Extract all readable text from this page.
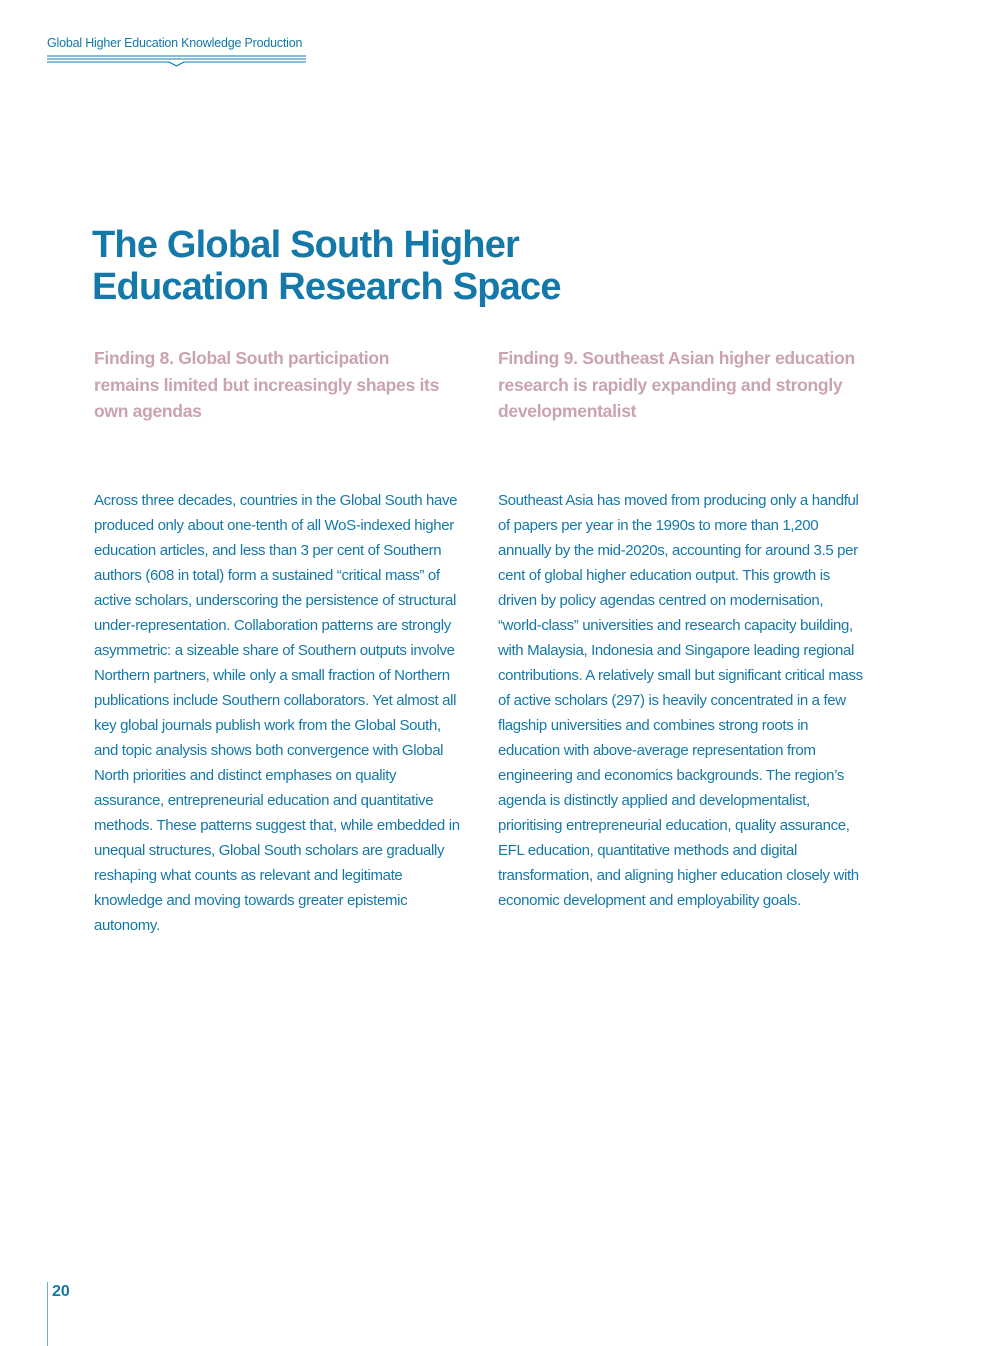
Global Higher Education Knowledge Production
The Global South Higher
Education Research Space
Finding 8. Global South participation remains limited but increasingly shapes its own agendas
Finding 9. Southeast Asian higher education research is rapidly expanding and strongly developmentalist

Across three decades, countries in the Global South have produced only about one-tenth of all WoS-indexed higher education articles, and less than 3 per cent of Southern authors (608 in total) form a sustained “critical mass” of active scholars, underscoring the persistence of structural under-representation. Collaboration patterns are strongly asymmetric: a sizeable share of Southern outputs involve Northern partners, while only a small fraction of Northern publications include Southern collaborators. Yet almost all key global journals publish work from the Global South, and topic analysis shows both convergence with Global North priorities and distinct emphases on quality assurance, entrepreneurial education and quantitative methods. These patterns suggest that, while embedded in unequal structures, Global South scholars are gradually reshaping what counts as relevant and legitimate knowledge and moving towards greater epistemic autonomy.

Southeast Asia has moved from producing only a handful of papers per year in the 1990s to more than 1,200 annually by the mid-2020s, accounting for around 3.5 per cent of global higher education output. This growth is driven by policy agendas centred on modernisation, “world-class” universities and research capacity building, with Malaysia, Indonesia and Singapore leading regional contributions. A relatively small but significant critical mass of active scholars (297) is heavily concentrated in a few flagship universities and combines strong roots in education with above-average representation from engineering and economics backgrounds. The region’s agenda is distinctly applied and developmentalist, prioritising entrepreneurial education, quality assurance, EFL education, quantitative methods and digital transformation, and aligning higher education closely with economic development and employability goals.

20
